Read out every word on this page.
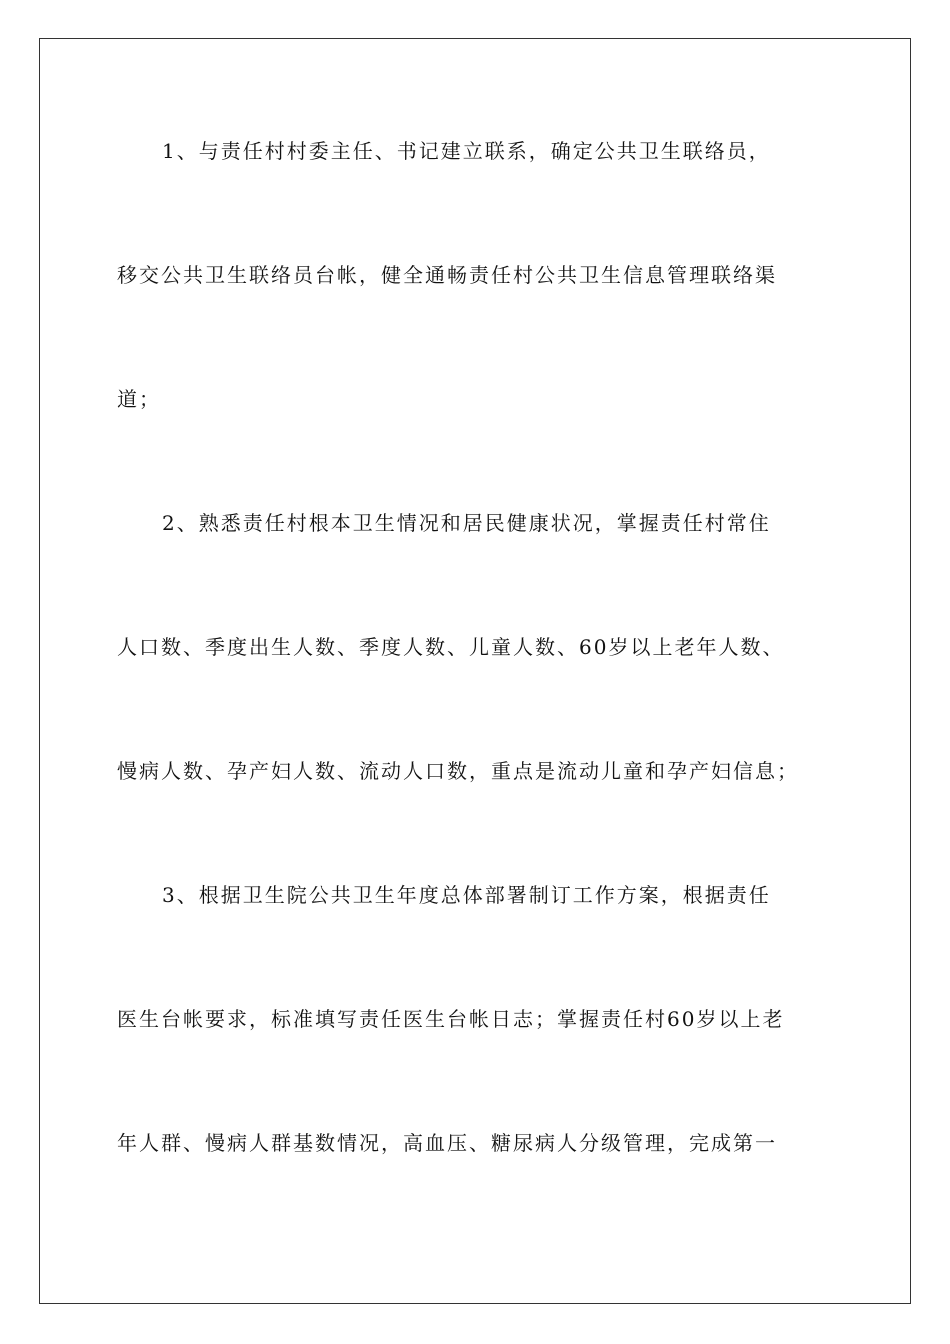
1、与责任村村委主任、书记建立联系，确定公共卫生联络员，
移交公共卫生联络员台帐，健全通畅责任村公共卫生信息管理联络渠
道；
2、熟悉责任村根本卫生情况和居民健康状况，掌握责任村常住
人口数、季度出生人数、季度人数、儿童人数、60岁以上老年人数、
慢病人数、孕产妇人数、流动人口数，重点是流动儿童和孕产妇信息；
3、根据卫生院公共卫生年度总体部署制订工作方案，根据责任
医生台帐要求，标准填写责任医生台帐日志；掌握责任村60岁以上老
年人群、慢病人群基数情况，高血压、糖尿病人分级管理，完成第一
